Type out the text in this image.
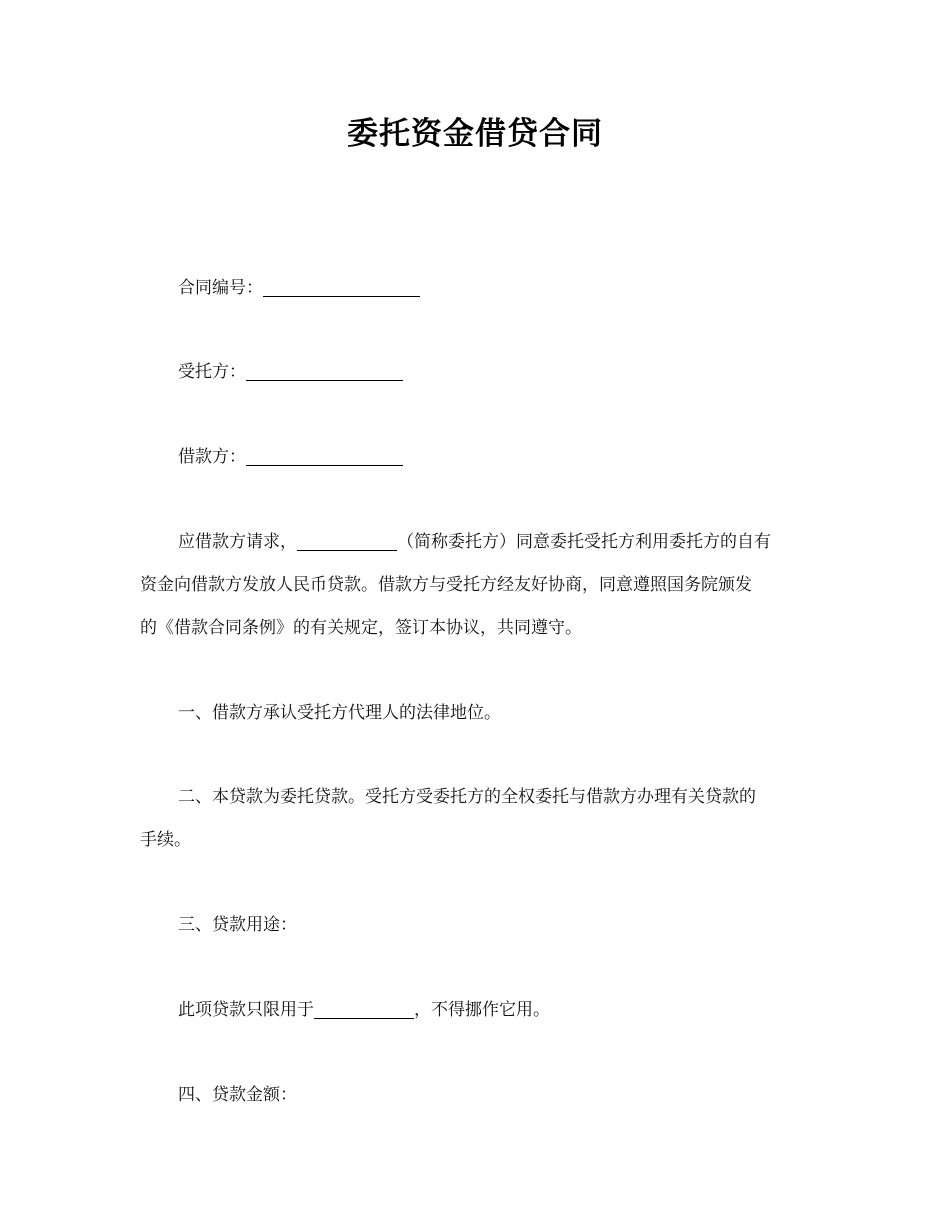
委托资金借贷合同
合同编号：
受托方：
借款方：
应借款方请求，	（简称委托方）同意委托受托方利用委托方的自有
资金向借款方发放人民币贷款。借款方与受托方经友好协商，同意遵照国务院颁发
的《借款合同条例》的有关规定，签订本协议，共同遵守。
一、借款方承认受托方代理人的法律地位。
二、本贷款为委托贷款。受托方受委托方的全权委托与借款方办理有关贷款的
手续。
三、贷款用途：
此项贷款只限用于	，不得挪作它用。
四、贷款金额：
